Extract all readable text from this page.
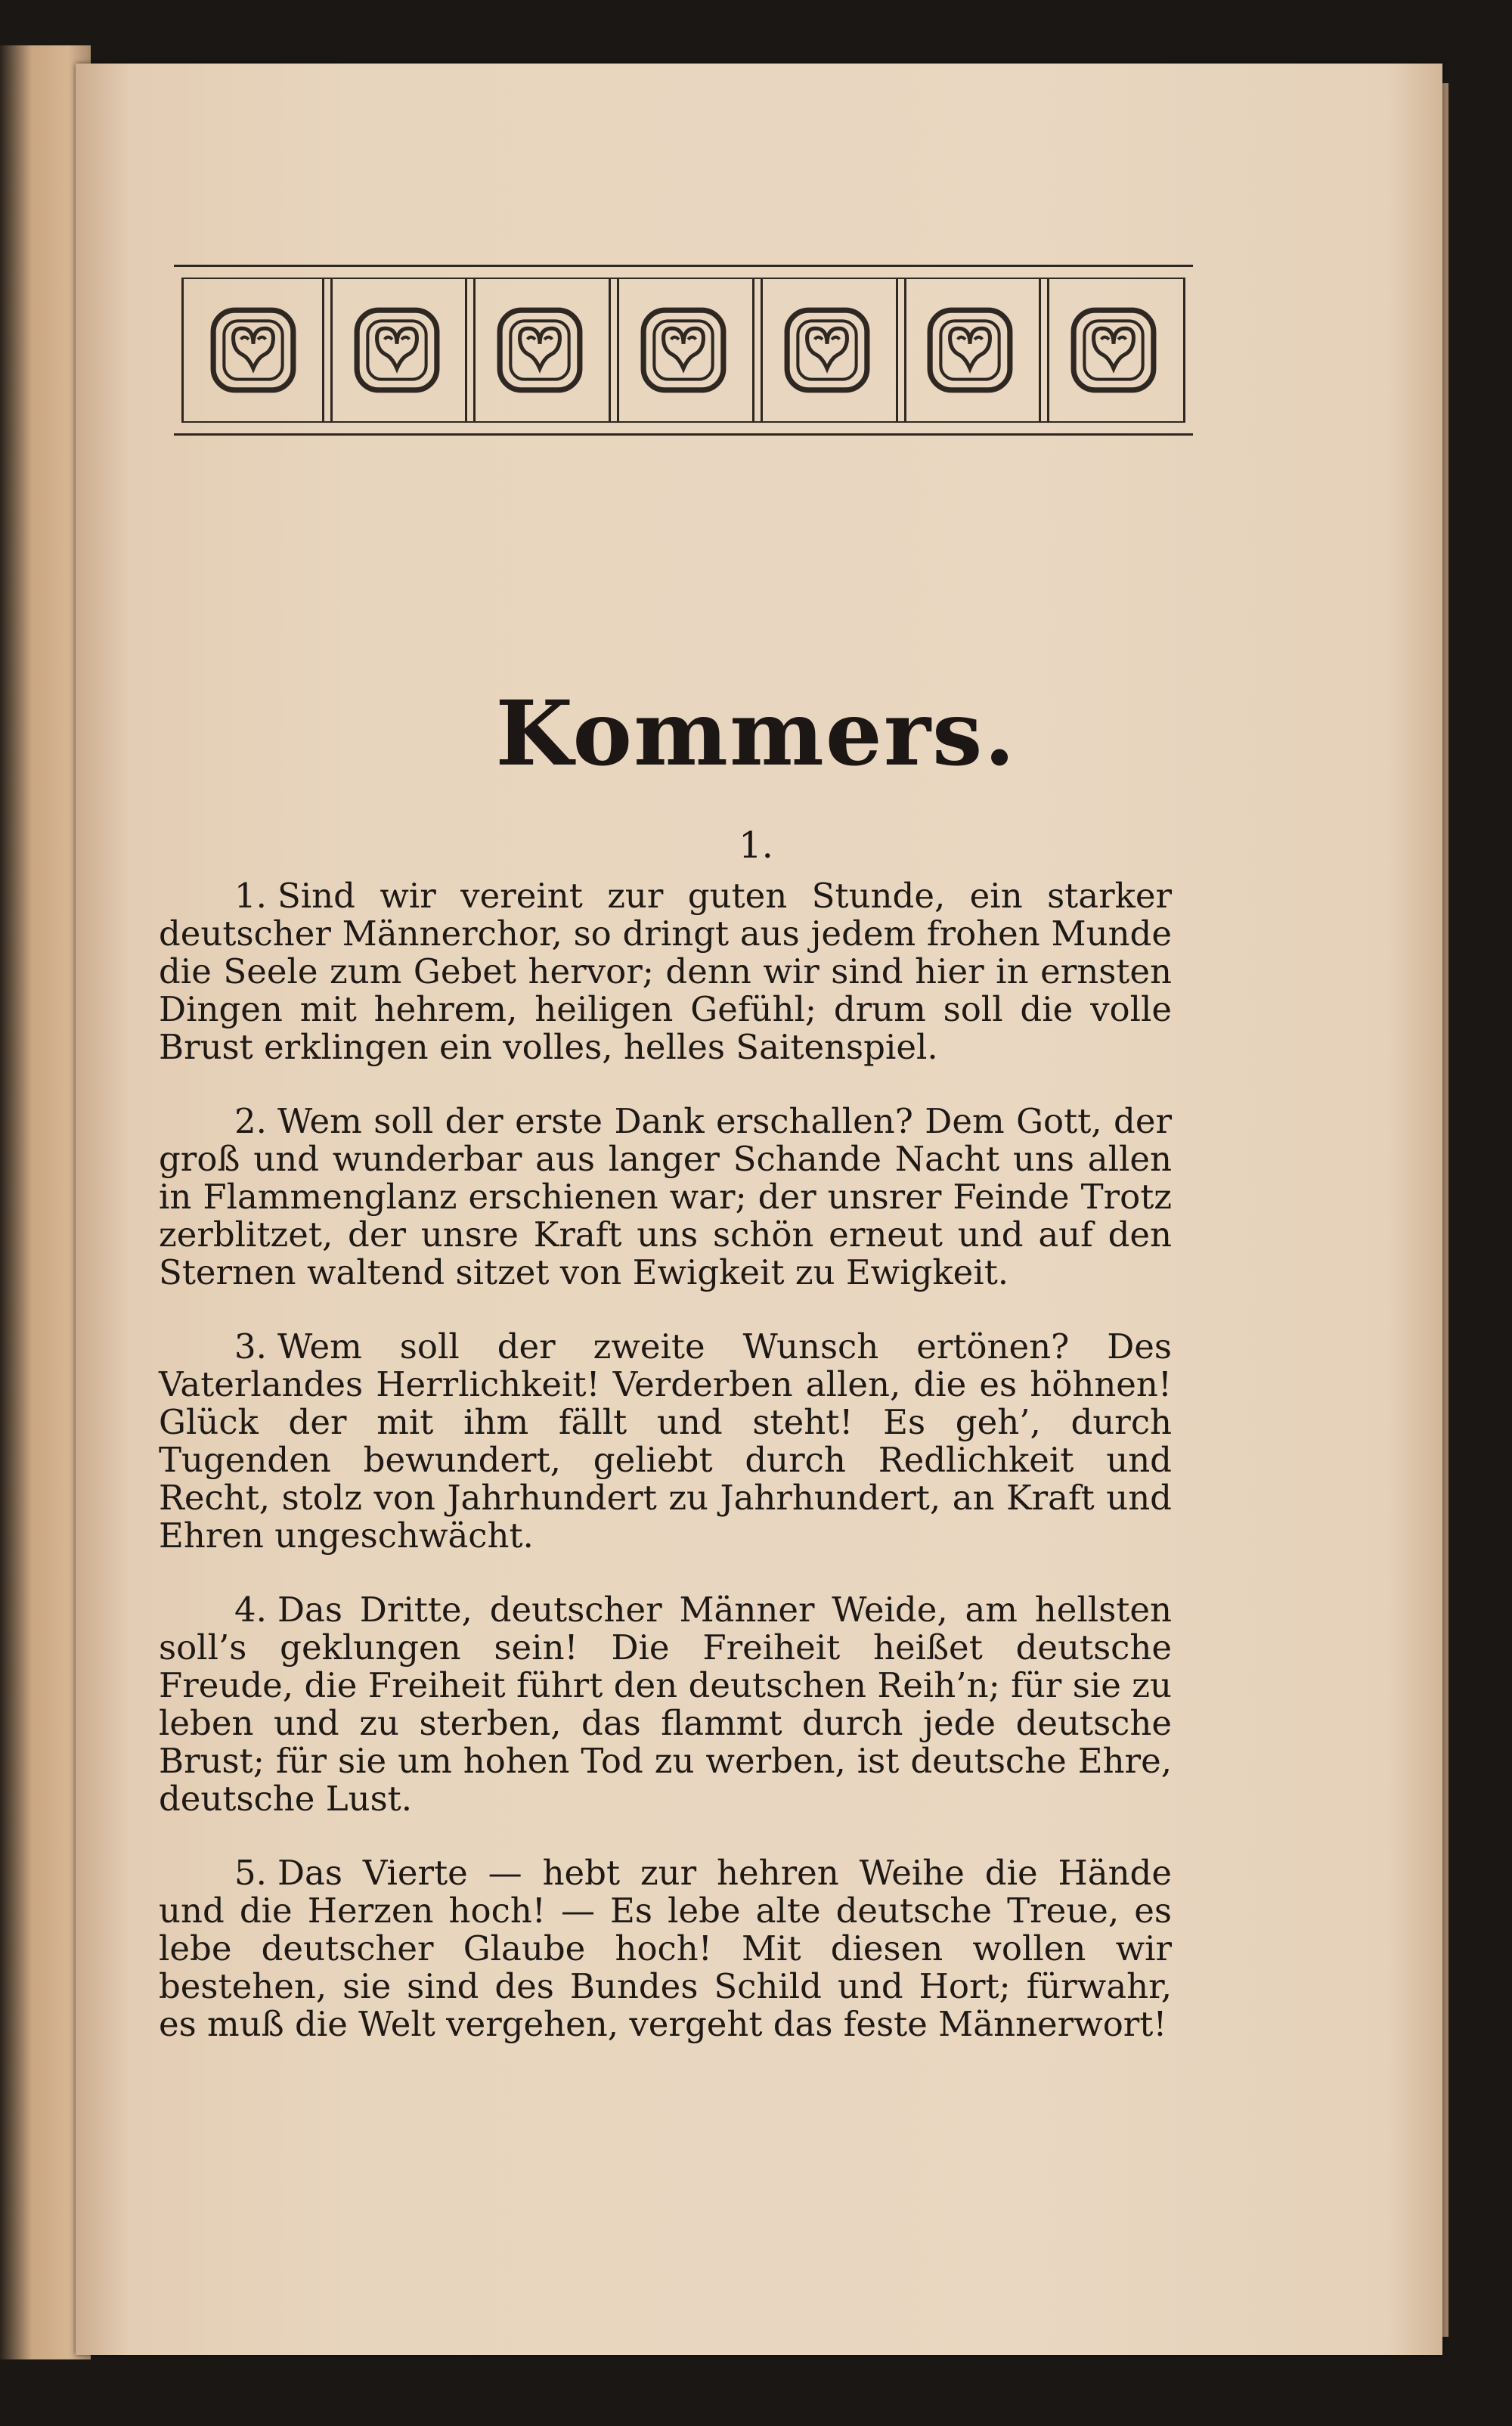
Kommers.
1.

1. Sind wir vereint zur guten Stunde, ein starker deutscher Männerchor, so dringt aus jedem frohen Munde die Seele zum Gebet hervor; denn wir sind hier in ernsten Dingen mit hehrem, heiligen Gefühl; drum soll die volle Brust erklingen ein volles, helles Saitenspiel.

2. Wem soll der erste Dank erschallen? Dem Gott, der groß und wunderbar aus langer Schande Nacht uns allen in Flammenglanz erschienen war; der unsrer Feinde Trotz zerblitzet, der unsre Kraft uns schön erneut und auf den Sternen waltend sitzet von Ewigkeit zu Ewigkeit.

3. Wem soll der zweite Wunsch ertönen? Des Vaterlandes Herrlichkeit! Verderben allen, die es höhnen! Glück der mit ihm fällt und steht! Es geh’, durch Tugenden bewundert, geliebt durch Redlichkeit und Recht, stolz von Jahrhundert zu Jahrhundert, an Kraft und Ehren ungeschwächt.

4. Das Dritte, deutscher Männer Weide, am hellsten soll’s geklungen sein! Die Freiheit heißet deutsche Freude, die Freiheit führt den deutschen Reih’n; für sie zu leben und zu sterben, das flammt durch jede deutsche Brust; für sie um hohen Tod zu werben, ist deutsche Ehre, deutsche Lust.

5. Das Vierte — hebt zur hehren Weihe die Hände und die Herzen hoch! — Es lebe alte deutsche Treue, es lebe deutscher Glaube hoch! Mit diesen wollen wir bestehen, sie sind des Bundes Schild und Hort; fürwahr, es muß die Welt vergehen, vergeht das feste Männerwort!
